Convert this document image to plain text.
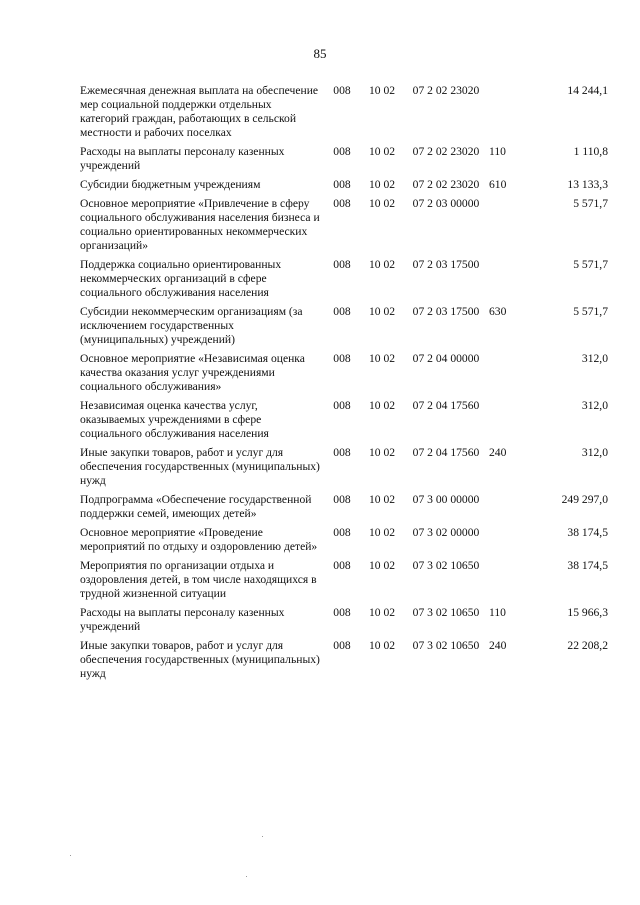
85
Ежемесячная денежная выплата на обеспечение мер социальной поддержки отдельных категорий граждан, работающих в сельской местности и рабочих поселках	008	10 02	07 2 02 23020		14 244,1
Расходы на выплаты персоналу казенных учреждений	008	10 02	07 2 02 23020	110	1 110,8
Субсидии бюджетным учреждениям	008	10 02	07 2 02 23020	610	13 133,3
Основное мероприятие «Привлечение в сферу социального обслуживания населения бизнеса и социально ориентированных некоммерческих организаций»	008	10 02	07 2 03 00000		5 571,7
Поддержка социально ориентированных некоммерческих организаций в сфере социального обслуживания населения	008	10 02	07 2 03 17500		5 571,7
Субсидии некоммерческим организациям (за исключением государственных (муниципальных) учреждений)	008	10 02	07 2 03 17500	630	5 571,7
Основное мероприятие «Независимая оценка качества оказания услуг учреждениями социального обслуживания»	008	10 02	07 2 04 00000		312,0
Независимая оценка качества услуг, оказываемых учреждениями в сфере социального обслуживания населения	008	10 02	07 2 04 17560		312,0
Иные закупки товаров, работ и услуг для обеспечения государственных (муниципальных) нужд	008	10 02	07 2 04 17560	240	312,0
Подпрограмма «Обеспечение государственной поддержки семей, имеющих детей»	008	10 02	07 3 00 00000		249 297,0
Основное мероприятие «Проведение мероприятий по отдыху и оздоровлению детей»	008	10 02	07 3 02 00000		38 174,5
Мероприятия по организации отдыха и оздоровления детей, в том числе находящихся в трудной жизненной ситуации	008	10 02	07 3 02 10650		38 174,5
Расходы на выплаты персоналу казенных учреждений	008	10 02	07 3 02 10650	110	15 966,3
Иные закупки товаров, работ и услуг для обеспечения государственных (муниципальных) нужд	008	10 02	07 3 02 10650	240	22 208,2
